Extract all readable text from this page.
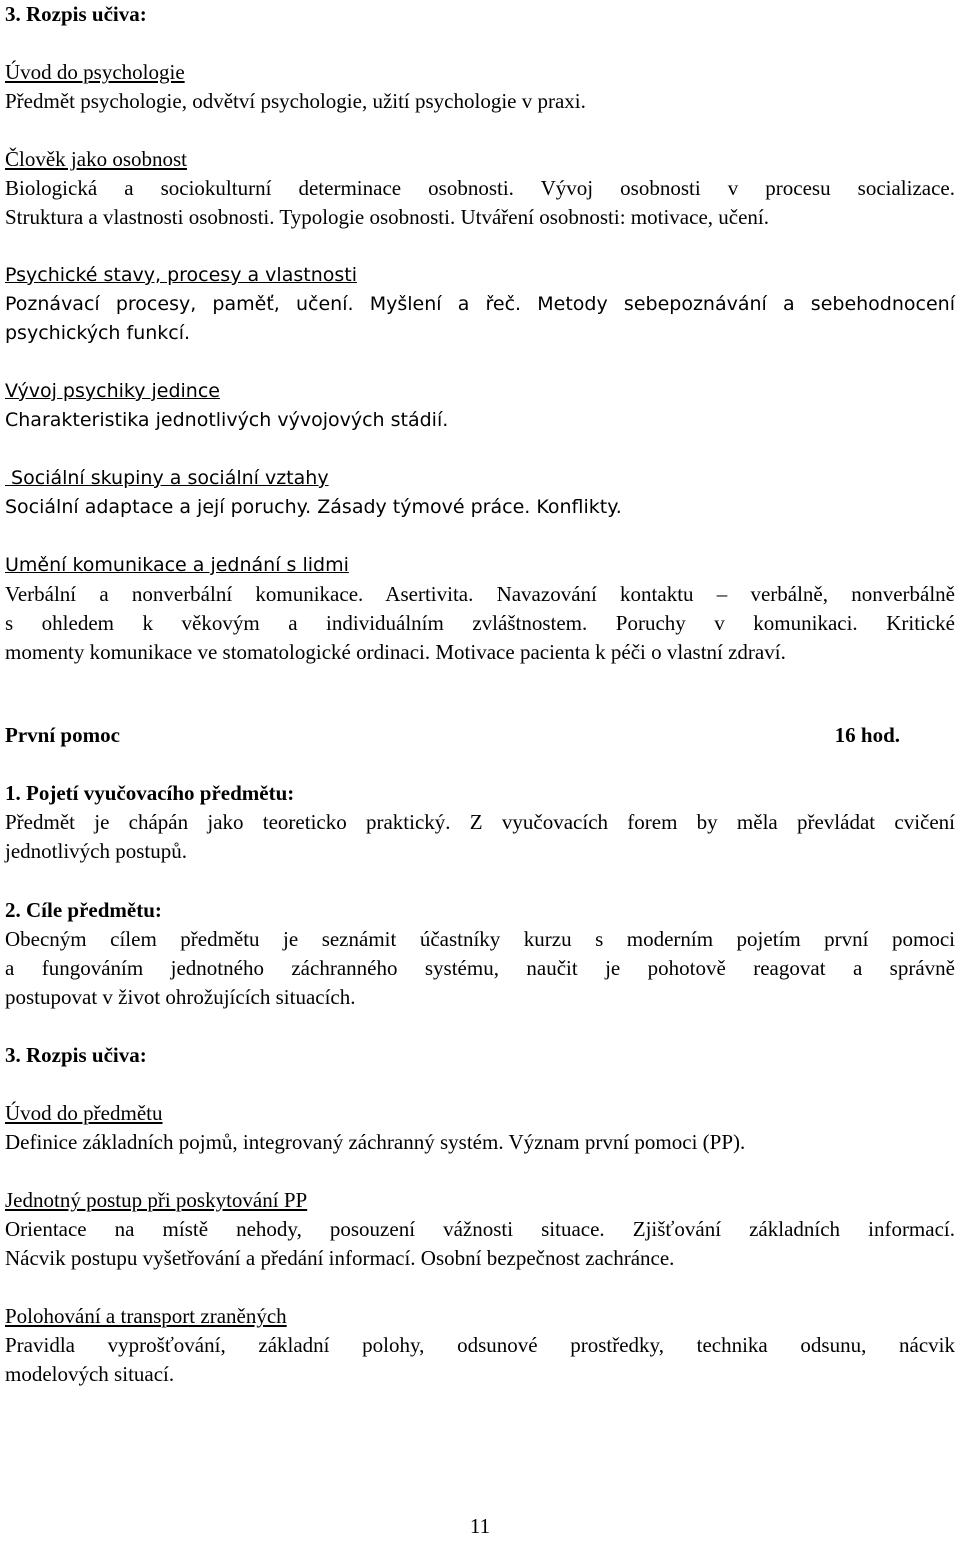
3. Rozpis učiva:

Úvod do psychologie

Předmět psychologie, odvětví psychologie, užití psychologie v praxi.

Člověk jako osobnost

Biologická a sociokulturní determinace osobnosti. Vývoj osobnosti v procesu socializace.

Struktura a vlastnosti osobnosti. Typologie osobnosti. Utváření osobnosti: motivace, učení.

Psychické stavy, procesy a vlastnosti

Poznávací procesy, paměť, učení. Myšlení a řeč. Metody sebepoznávání a sebehodnocení

psychických funkcí.

Vývoj psychiky jedince

Charakteristika jednotlivých vývojových stádií.

Sociální skupiny a sociální vztahy

Sociální adaptace a její poruchy. Zásady týmové práce. Konflikty.

Umění komunikace a jednání s lidmi

Verbální a nonverbální komunikace. Asertivita. Navazování kontaktu – verbálně, nonverbálně

s ohledem k věkovým a individuálním zvláštnostem. Poruchy v komunikaci. Kritické

momenty komunikace ve stomatologické ordinaci. Motivace pacienta k péči o vlastní zdraví.

První pomoc	16 hod.

1. Pojetí vyučovacího předmětu:

Předmět je chápán jako teoreticko praktický. Z vyučovacích forem by měla převládat cvičení

jednotlivých postupů.

2. Cíle předmětu:

Obecným cílem předmětu je seznámit účastníky kurzu s moderním pojetím první pomoci

a fungováním jednotného záchranného systému, naučit je pohotově reagovat a správně

postupovat v život ohrožujících situacích.

3. Rozpis učiva:

Úvod do předmětu

Definice základních pojmů, integrovaný záchranný systém. Význam první pomoci (PP).

Jednotný postup při poskytování PP

Orientace na místě nehody, posouzení vážnosti situace. Zjišťování základních informací.

Nácvik postupu vyšetřování a předání informací. Osobní bezpečnost zachránce.

Polohování a transport zraněných

Pravidla vyprošťování, základní polohy, odsunové prostředky, technika odsunu, nácvik

modelových situací.

11
